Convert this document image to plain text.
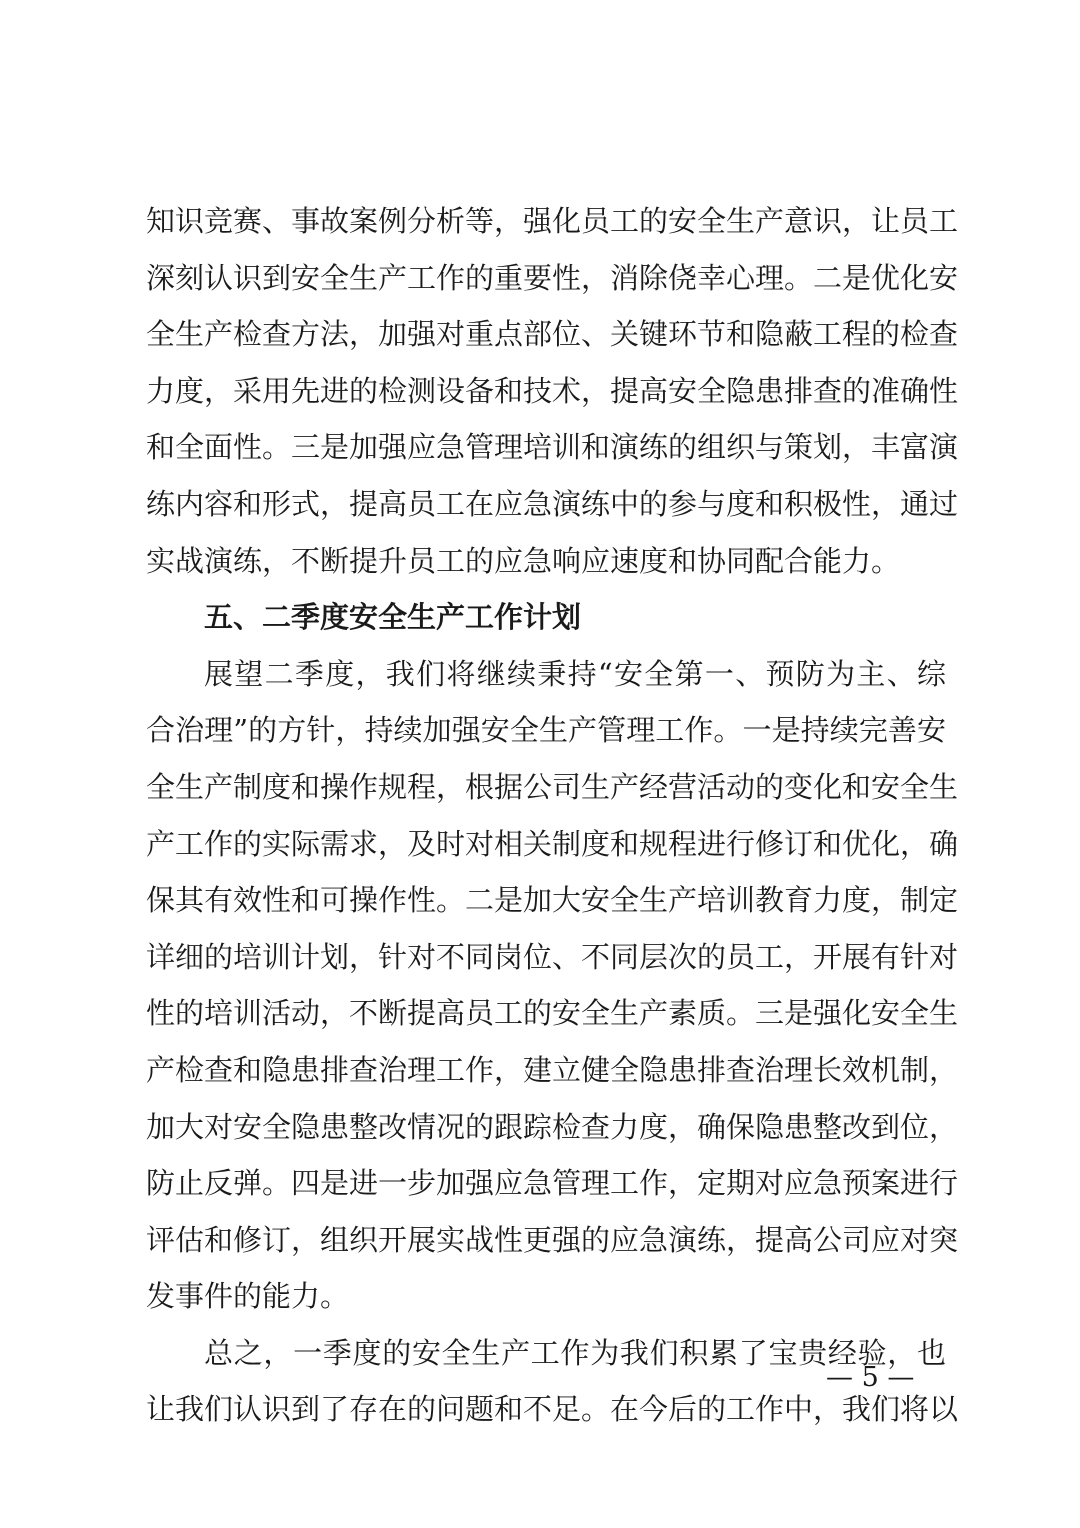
知识竞赛、事故案例分析等，强化员工的安全生产意识，让员工
深刻认识到安全生产工作的重要性，消除侥幸心理。二是优化安
全生产检查方法，加强对重点部位、关键环节和隐蔽工程的检查
力度，采用先进的检测设备和技术，提高安全隐患排查的准确性
和全面性。三是加强应急管理培训和演练的组织与策划，丰富演
练内容和形式，提高员工在应急演练中的参与度和积极性，通过
实战演练，不断提升员工的应急响应速度和协同配合能力。
五、二季度安全生产工作计划
展望二季度，我们将继续秉持“安全第一、预防为主、综
合治理”的方针，持续加强安全生产管理工作。一是持续完善安
全生产制度和操作规程，根据公司生产经营活动的变化和安全生
产工作的实际需求，及时对相关制度和规程进行修订和优化，确
保其有效性和可操作性。二是加大安全生产培训教育力度，制定
详细的培训计划，针对不同岗位、不同层次的员工，开展有针对
性的培训活动，不断提高员工的安全生产素质。三是强化安全生
产检查和隐患排查治理工作，建立健全隐患排查治理长效机制，
加大对安全隐患整改情况的跟踪检查力度，确保隐患整改到位，
防止反弹。四是进一步加强应急管理工作，定期对应急预案进行
评估和修订，组织开展实战性更强的应急演练，提高公司应对突
发事件的能力。
总之，一季度的安全生产工作为我们积累了宝贵经验，也
让我们认识到了存在的问题和不足。在今后的工作中，我们将以
— 5 —
